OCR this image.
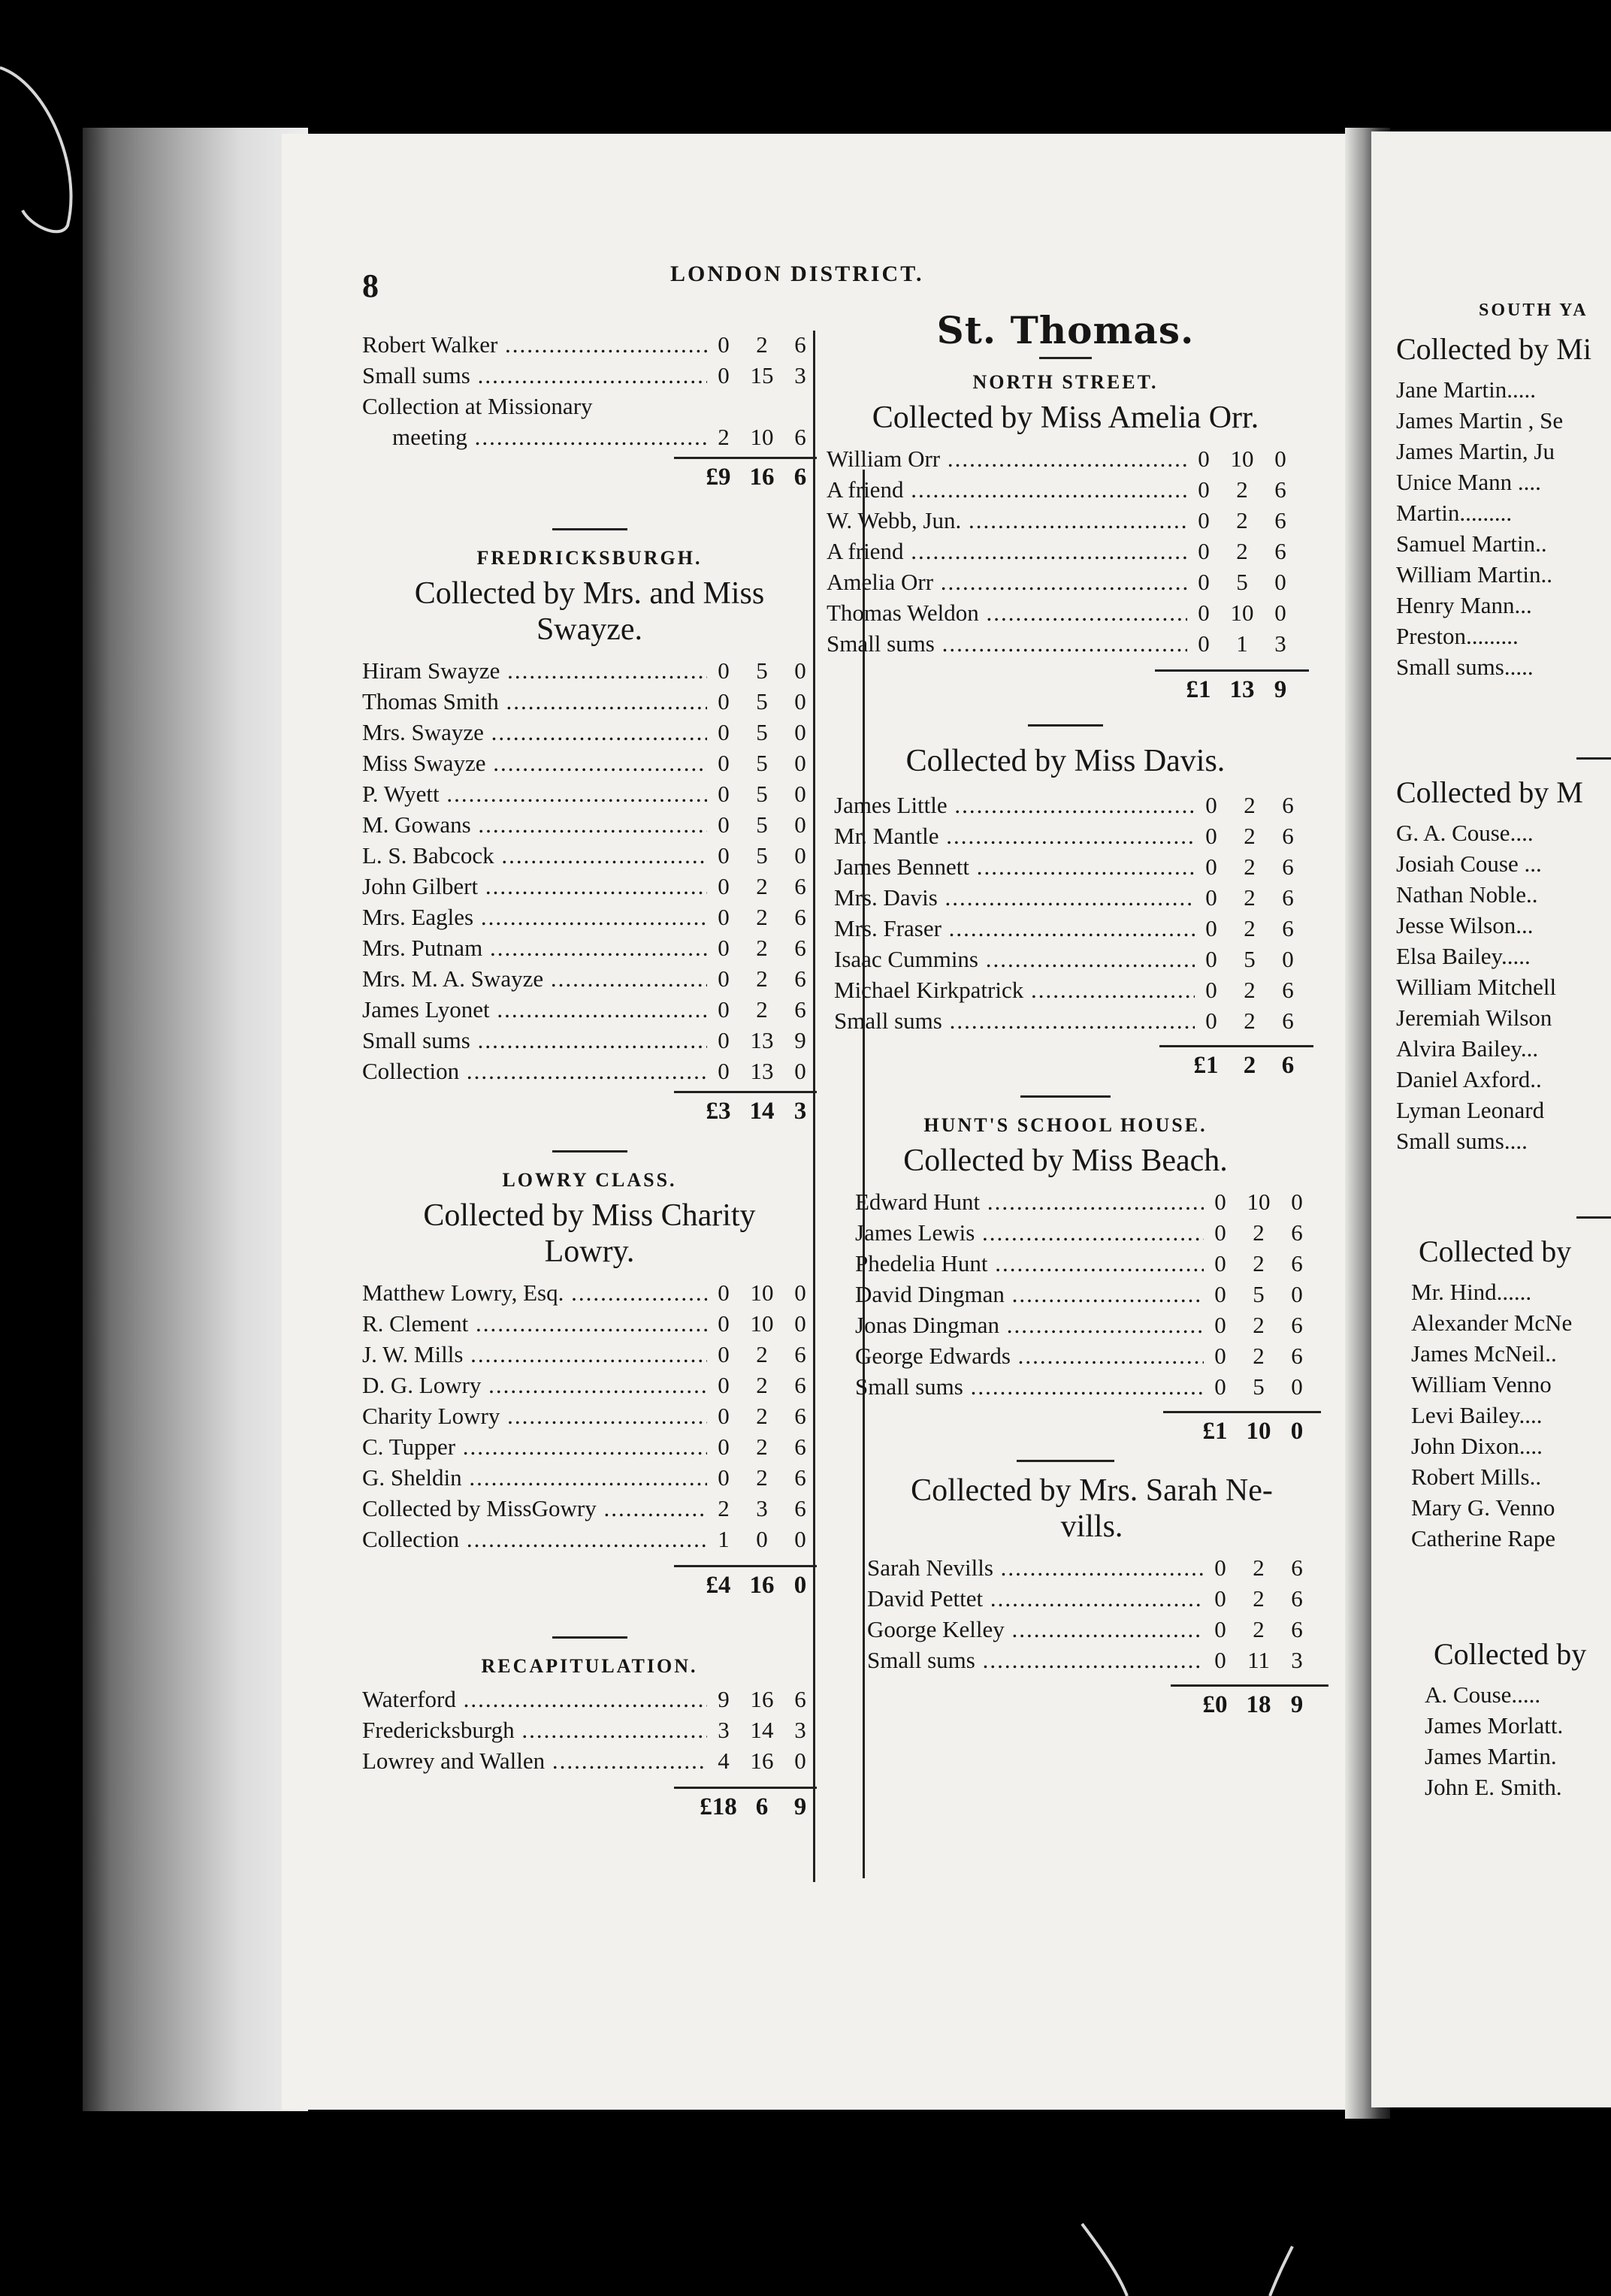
8	LONDON DISTRICT.
Robert Walker .....	0	2	6
Small sums .....	0 15 3
Collection at Missionary
meeting .....	2 10 6
£9 16 6
FREDRICKSBURGH.
Collected by Mrs. and Miss
Swayze.
Hiram Swayze .....	0	5	0
Thomas Smith .....	0	5	0
Mrs. Swayze .....	0	5	0
Miss Swayze .....	0	5	0
P. Wyett .....	0	5	0
M. Gowans .....	0	5	0
L. S. Babcock .....	0	5	0
John Gilbert .....	0	2	6
Mrs. Eagles .....	0	2	6
Mrs. Putnam .....	0	2	6
Mrs. M. A. Swayze .....	0	2	6
James Lyonet .....	0	2	6
Small sums .....	0 13 9
Collection .....	0 13 0
£3 14 3
LOWRY CLASS.
Collected by Miss Charity
Lowry.
Matthew Lowry, Esq. .....	0 10 0
R. Clement .....	0 10 0
J. W. Mills .....	0	2	6
D. G. Lowry .....	0	2	6
Charity Lowry .....	0	2	6
C. Tupper .....	0	2	6
G. Sheldin .....	0	2	6
Collected by MissGowry .....	2	3	6
Collection .....	1	0	0
£4 16 0
RECAPITULATION.
Waterford .....	9 16 6
Fredericksburgh .....	3 14 3
Lowrey and Wallen .....	4 16 0
£18 6	9
St. Thomas.
NORTH STREET.
Collected by Miss Amelia Orr.
William Orr .....	0 10 0
A friend .....	0	2	6
W. Webb, Jun. .....	0	2	6
A friend .....	0	2	6
Amelia Orr .....	0	5	0
Thomas Weldon .....	0 10 0
Small sums .....	0	1	3
£1 13 9
Collected by Miss Davis.
James Little .....	0	2	6
Mr. Mantle .....	0	2	6
James Bennett .....	0	2	6
Mrs. Davis .....	0	2	6
Mrs. Fraser .....	0	2	6
Isaac Cummins .....	0	5	0
Michael Kirkpatrick .....	0	2	6
Small sums .....	0	2	6
£1	2	6
HUNT'S SCHOOL HOUSE.
Collected by Miss Beach.
Edward Hunt .....	0 10 0
James Lewis .....	0	2	6
Phedelia Hunt .....	0	2	6
David Dingman .....	0	5	0
Jonas Dingman .....	0	2	6
George Edwards .....	0	2	6
Small sums .....	0	5	0
£1 10 0
Collected by Mrs. Sarah Ne-
vills.
Sarah Nevills .....	0	2	6
David Pettet .....	0	2	6
Goorge Kelley .....	0	2	6
Small sums .....	0 11 3
£0 18 9
SOUTH YA
Collected by Mi
Jane Martin.....
James Martin , Se
James Martin, Ju
Unice Mann ....
Martin.........
Samuel Martin..
William Martin..
Henry Mann...
Preston.........
Small sums.....
Collected by M
G. A. Couse....
Josiah Couse ...
Nathan Noble..
Jesse Wilson...
Elsa Bailey.....
William Mitchell
Jeremiah Wilson
Alvira Bailey...
Daniel Axford..
Lyman Leonard
Small sums....
Collected by
Mr. Hind......
Alexander McNe
James McNeil..
William Venno
Levi Bailey....
John Dixon....
Robert Mills..
Mary G. Venno
Catherine Rape
Collected by
A. Couse.....
James Morlatt.
James Martin.
John E. Smith.
